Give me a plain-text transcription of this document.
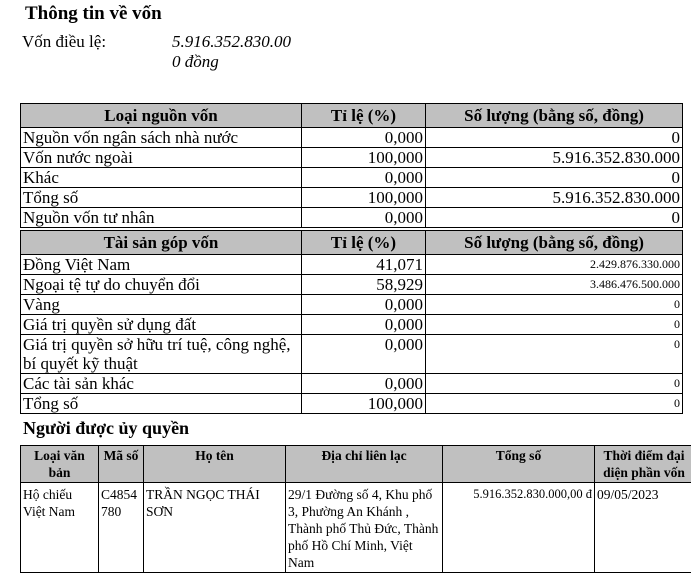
Thông tin về vốn
Vốn điều lệ:	5.916.352.830.00
0 đồng
Loại nguồn vốn	Tỉ lệ (%)	Số lượng (bằng số, đồng)
Nguồn vốn ngân sách nhà nước	0,000	0
Vốn nước ngoài	100,000	5.916.352.830.000
Khác	0,000	0
Tổng số	100,000	5.916.352.830.000
Nguồn vốn tư nhân	0,000	0
Tài sản góp vốn	Tỉ lệ (%)	Số lượng (bằng số, đồng)
Đồng Việt Nam	41,071	2.429.876.330.000
Ngoại tệ tự do chuyển đổi	58,929	3.486.476.500.000
Vàng	0,000	0
Giá trị quyền sử dụng đất	0,000	0
Giá trị quyền sở hữu trí tuệ, công nghệ, bí quyết kỹ thuật	0,000	0
Các tài sản khác	0,000	0
Tổng số	100,000	0
Người được ủy quyền
Loại văn bản	Mã số	Họ tên	Địa chỉ liên lạc	Tổng số	Thời điểm đại diện phần vốn
Hộ chiếu Việt Nam	C4854780	TRẦN NGỌC THÁI SƠN	29/1 Đường số 4, Khu phố 3, Phường An Khánh , Thành phố Thủ Đức, Thành phố Hồ Chí Minh, Việt Nam	5.916.352.830.000,00 đ	09/05/2023
